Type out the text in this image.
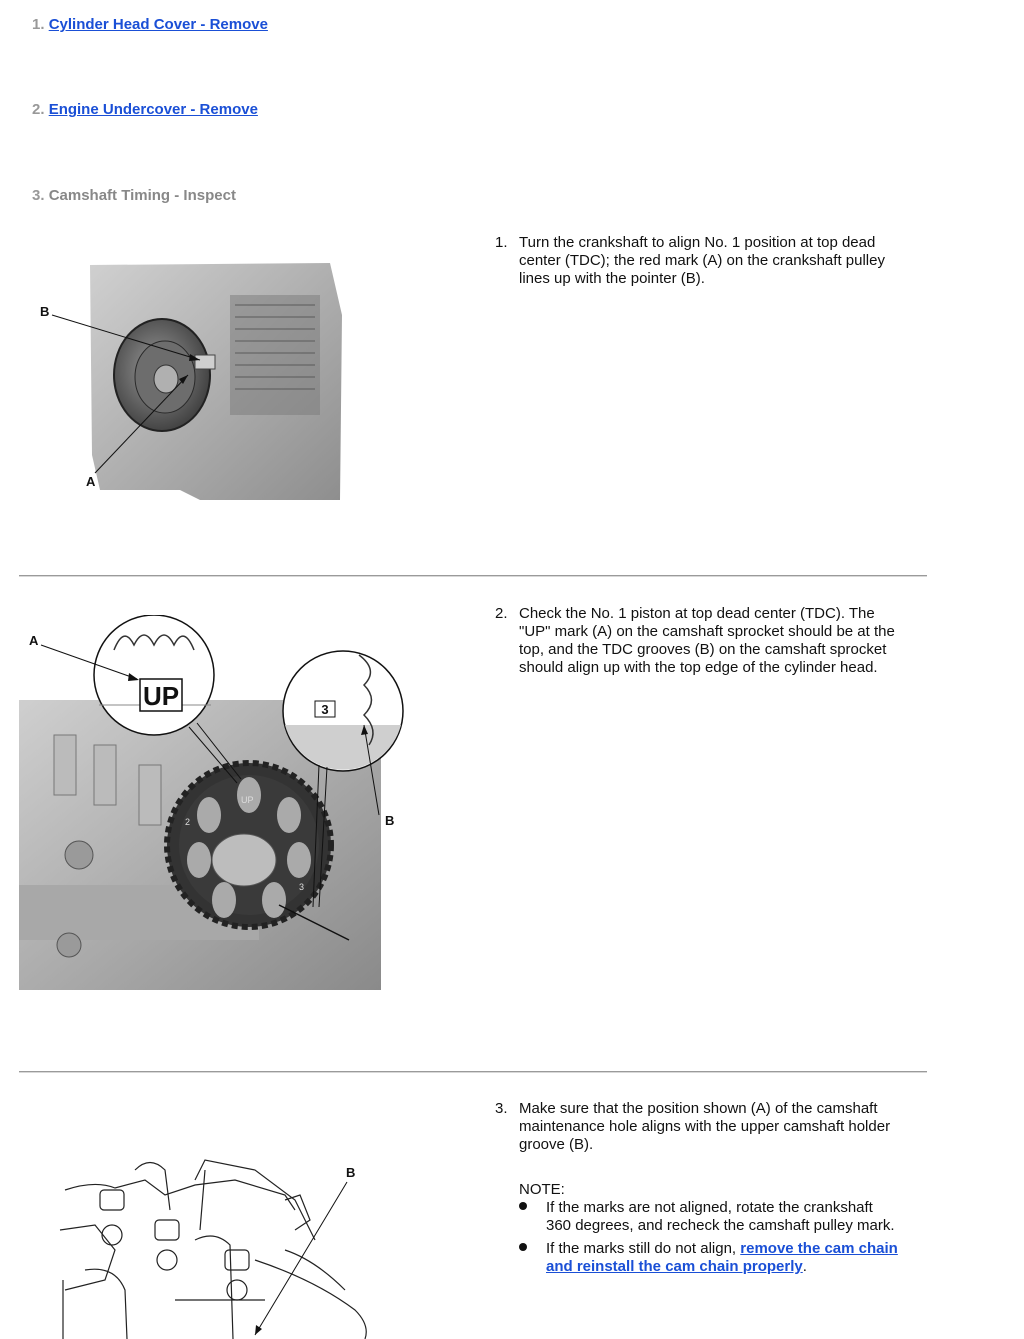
1. Cylinder Head Cover - Remove
2. Engine Undercover - Remove
3. Camshaft Timing - Inspect
1. Turn the crankshaft to align No. 1 position at top dead center (TDC); the red mark (A) on the crankshaft pulley lines up with the pointer (B).
B
A
2. Check the No. 1 piston at top dead center (TDC). The "UP" mark (A) on the camshaft sprocket should be at the top, and the TDC grooves (B) on the camshaft sprocket should align up with the top edge of the cylinder head.
UP	3
UP
2
3
A
B
3. Make sure that the position shown (A) of the camshaft maintenance hole aligns with the upper camshaft holder groove (B).
NOTE:
If the marks are not aligned, rotate the crankshaft 360 degrees, and recheck the camshaft pulley mark.
If the marks still do not align, remove the cam chain and reinstall the cam chain properly.
B
